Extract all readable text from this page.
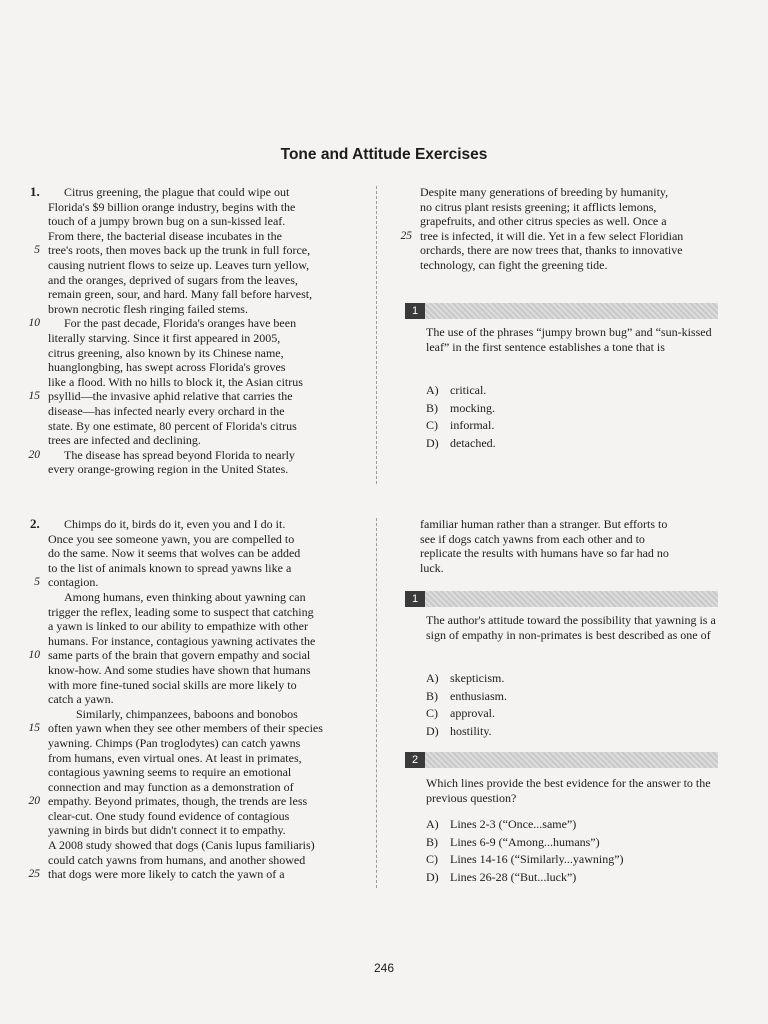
Tone and Attitude Exercises
1.	Citrus greening, the plague that could wipe out
Florida's $9 billion orange industry, begins with the
touch of a jumpy brown bug on a sun-kissed leaf.
From there, the bacterial disease incubates in the
5 tree's roots, then moves back up the trunk in full force,
causing nutrient flows to seize up. Leaves turn yellow,
and the oranges, deprived of sugars from the leaves,
remain green, sour, and hard. Many fall before harvest,
brown necrotic flesh ringing failed stems.
10 For the past decade, Florida's oranges have been
literally starving. Since it first appeared in 2005,
citrus greening, also known by its Chinese name,
huanglongbing, has swept across Florida's groves
like a flood. With no hills to block it, the Asian citrus
15 psyllid—the invasive aphid relative that carries the
disease—has infected nearly every orchard in the
state. By one estimate, 80 percent of Florida's citrus
trees are infected and declining.
20 The disease has spread beyond Florida to nearly
every orange-growing region in the United States.
Despite many generations of breeding by humanity,
no citrus plant resists greening; it afflicts lemons,
grapefruits, and other citrus species as well. Once a
25 tree is infected, it will die. Yet in a few select Floridian
orchards, there are now trees that, thanks to innovative
technology, can fight the greening tide.
1
The use of the phrases “jumpy brown bug” and “sun-kissed leaf” in the first sentence establishes a tone that is
A) critical.
B) mocking.
C) informal.
D) detached.
2.	Chimps do it, birds do it, even you and I do it.
Once you see someone yawn, you are compelled to
do the same. Now it seems that wolves can be added
to the list of animals known to spread yawns like a
5 contagion.
Among humans, even thinking about yawning can
trigger the reflex, leading some to suspect that catching
a yawn is linked to our ability to empathize with other
humans. For instance, contagious yawning activates the
10 same parts of the brain that govern empathy and social
know-how. And some studies have shown that humans
with more fine-tuned social skills are more likely to
catch a yawn.
Similarly, chimpanzees, baboons and bonobos
15 often yawn when they see other members of their species
yawning. Chimps (Pan troglodytes) can catch yawns
from humans, even virtual ones. At least in primates,
contagious yawning seems to require an emotional
connection and may function as a demonstration of
20 empathy. Beyond primates, though, the trends are less
clear-cut. One study found evidence of contagious
yawning in birds but didn't connect it to empathy.
A 2008 study showed that dogs (Canis lupus familiaris)
could catch yawns from humans, and another showed
25 that dogs were more likely to catch the yawn of a
familiar human rather than a stranger. But efforts to
see if dogs catch yawns from each other and to
replicate the results with humans have so far had no
luck.
1
The author's attitude toward the possibility that yawning is a sign of empathy in non-primates is best described as one of
A) skepticism.
B) enthusiasm.
C) approval.
D) hostility.
2
Which lines provide the best evidence for the answer to the previous question?
A) Lines 2-3 (“Once...same”)
B) Lines 6-9 (“Among...humans”)
C) Lines 14-16 (“Similarly...yawning”)
D) Lines 26-28 (“But...luck”)
246
